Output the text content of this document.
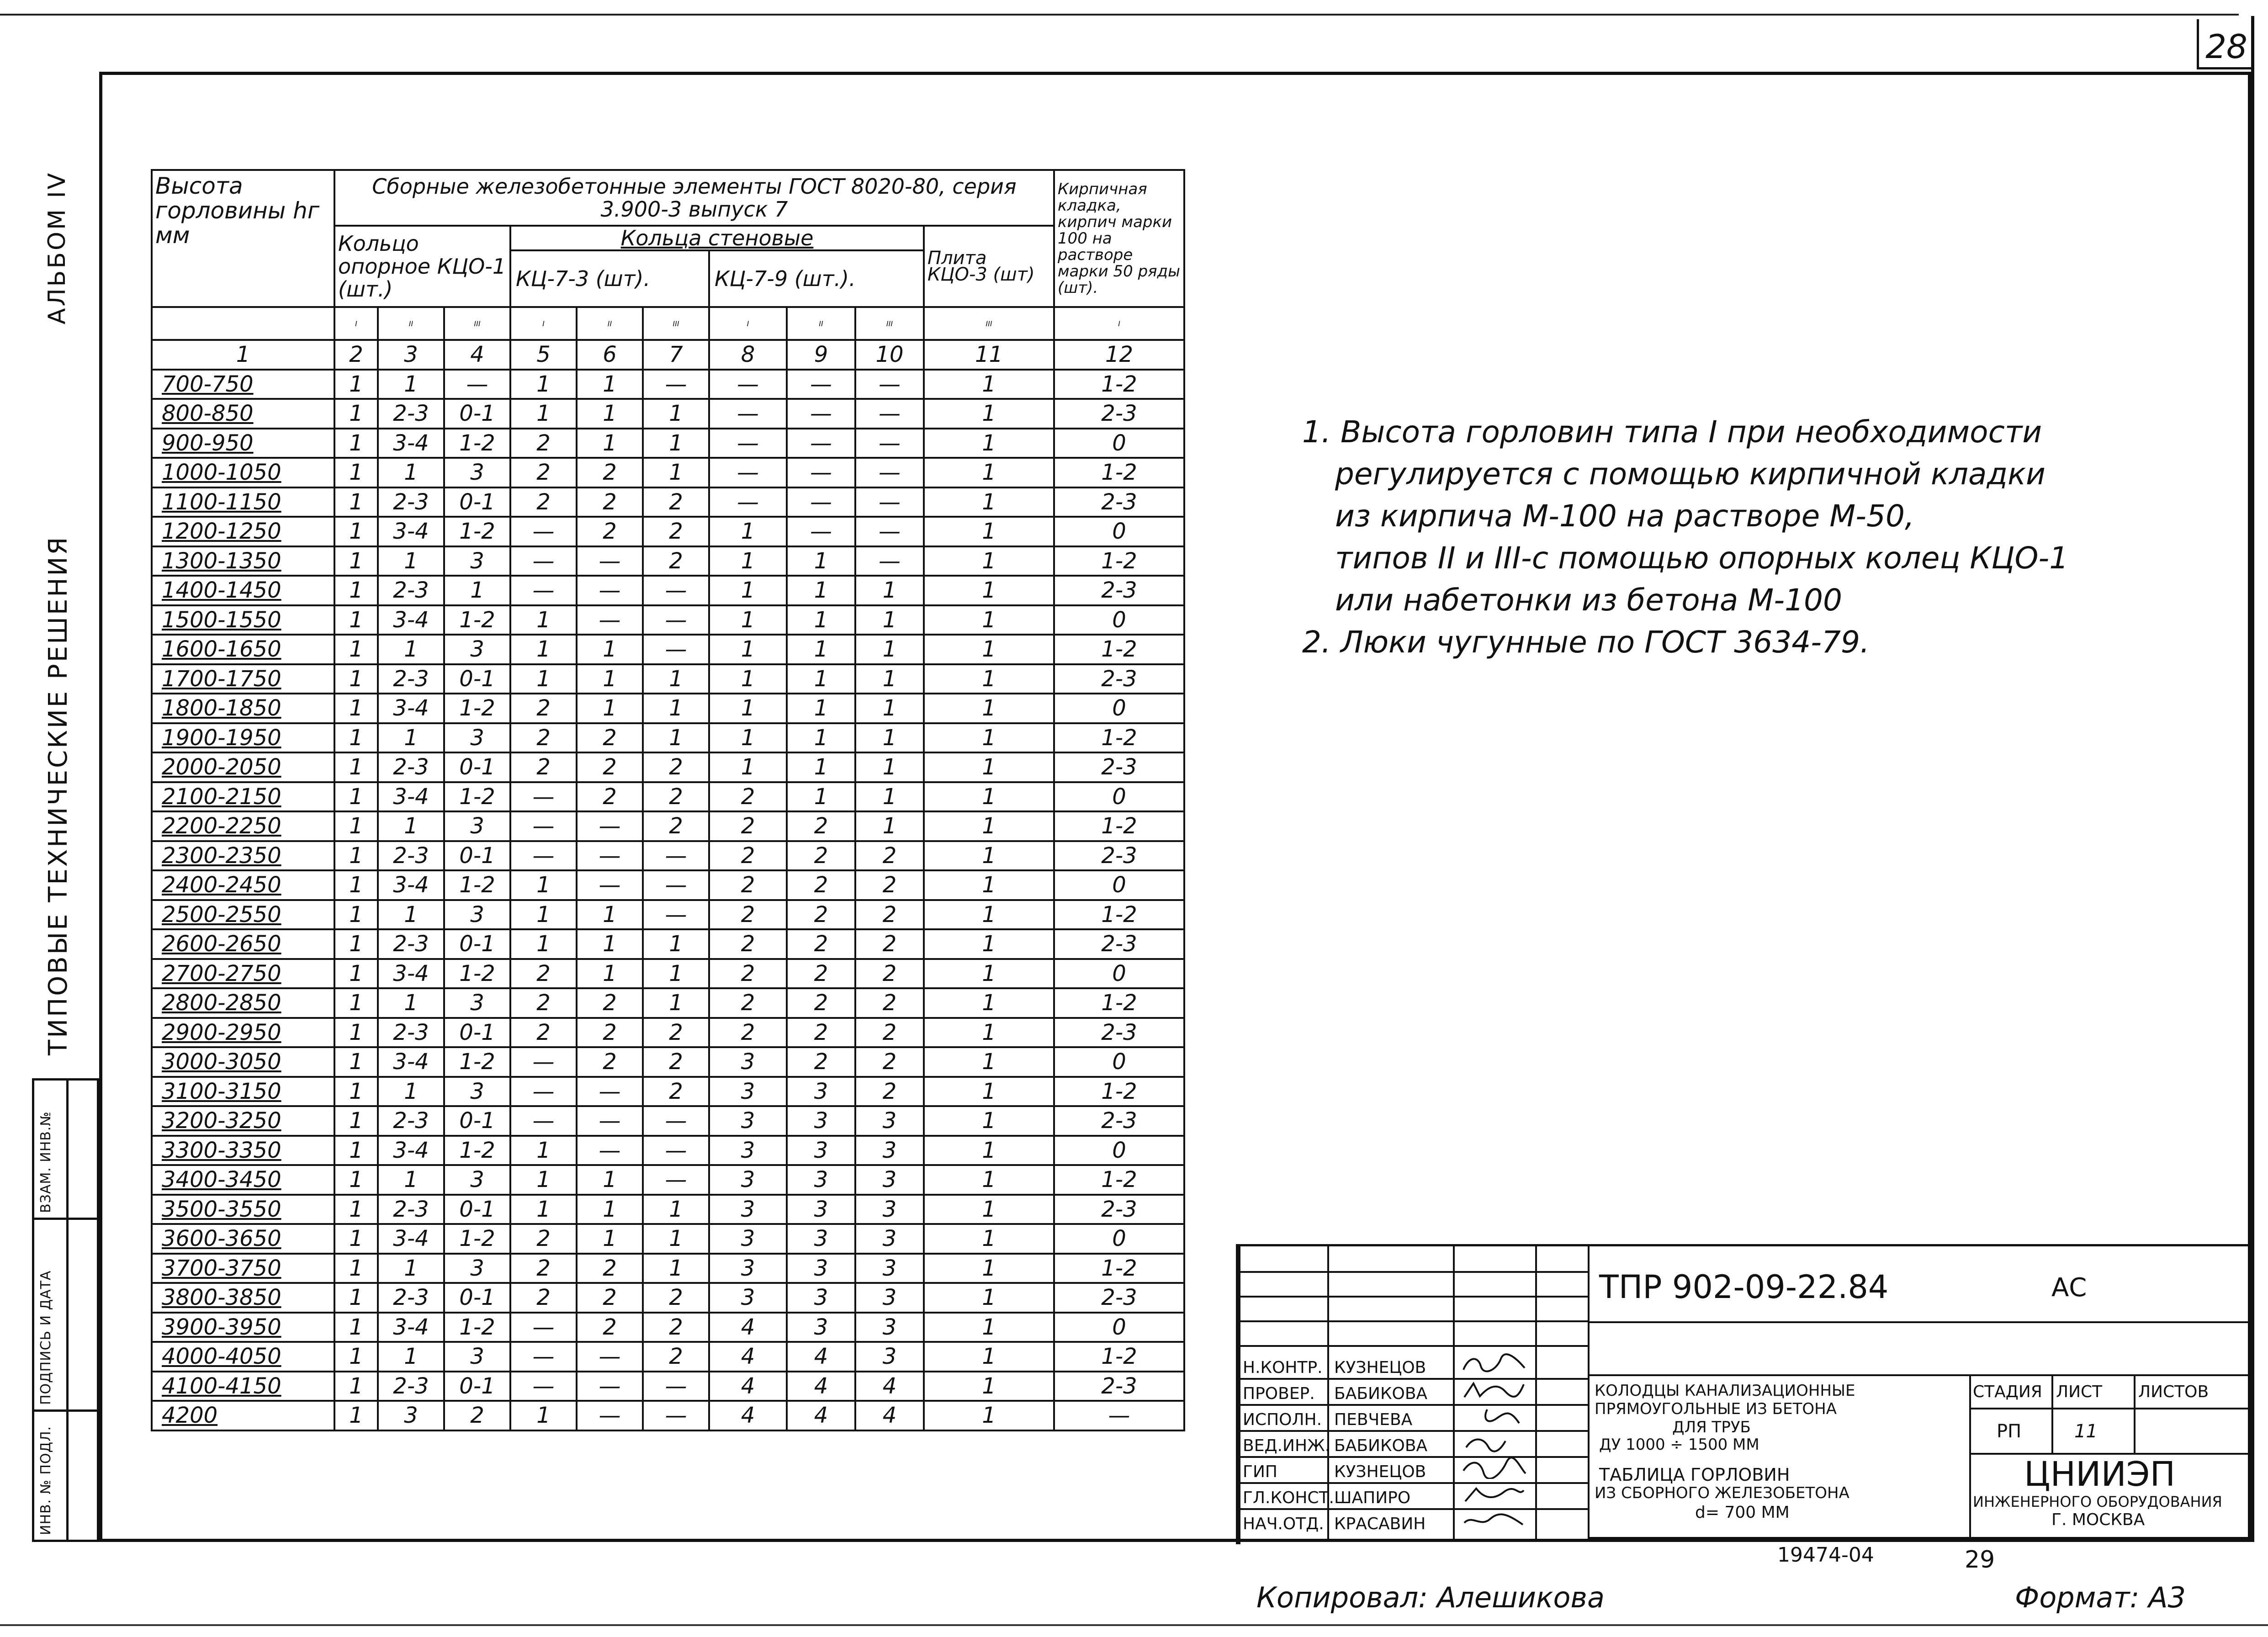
28
АЛЬБОМ IV
ТИПОВЫЕ ТЕХНИЧЕСКИЕ РЕШЕНИЯ
ИНВ. № ПОДЛ.
ПОДПИСЬ И ДАТА
ВЗАМ. ИНВ.№
Высота горловины hг мм	Сборные железобетонные элементы ГОСТ 8020-80, серия 3.900-3 выпуск 7										Кирпичная кладка, кирпич марки 100 на растворе марки 50 ряды (шт).
	Кольцо опорное КЦО-1 (шт.)			Кольца стеновые						Плита КЦО-3 (шт)	
				КЦ-7-3 (шт).			КЦ-7-9 (шт.).				
	I	II	III	I	II	III	I	II	III	III	I
1	2	3	4	5	6	7	8	9	10	11	12
700-750	1	1	—	1	1	—	—	—	—	1	1-2
800-850	1	2-3	0-1	1	1	1	—	—	—	1	2-3
900-950	1	3-4	1-2	2	1	1	—	—	—	1	0
1000-1050	1	1	3	2	2	1	—	—	—	1	1-2
1100-1150	1	2-3	0-1	2	2	2	—	—	—	1	2-3
1200-1250	1	3-4	1-2	—	2	2	1	—	—	1	0
1300-1350	1	1	3	—	—	2	1	1	—	1	1-2
1400-1450	1	2-3	1	—	—	—	1	1	1	1	2-3
1500-1550	1	3-4	1-2	1	—	—	1	1	1	1	0
1600-1650	1	1	3	1	1	—	1	1	1	1	1-2
1700-1750	1	2-3	0-1	1	1	1	1	1	1	1	2-3
1800-1850	1	3-4	1-2	2	1	1	1	1	1	1	0
1900-1950	1	1	3	2	2	1	1	1	1	1	1-2
2000-2050	1	2-3	0-1	2	2	2	1	1	1	1	2-3
2100-2150	1	3-4	1-2	—	2	2	2	1	1	1	0
2200-2250	1	1	3	—	—	2	2	2	1	1	1-2
2300-2350	1	2-3	0-1	—	—	—	2	2	2	1	2-3
2400-2450	1	3-4	1-2	1	—	—	2	2	2	1	0
2500-2550	1	1	3	1	1	—	2	2	2	1	1-2
2600-2650	1	2-3	0-1	1	1	1	2	2	2	1	2-3
2700-2750	1	3-4	1-2	2	1	1	2	2	2	1	0
2800-2850	1	1	3	2	2	1	2	2	2	1	1-2
2900-2950	1	2-3	0-1	2	2	2	2	2	2	1	2-3
3000-3050	1	3-4	1-2	—	2	2	3	2	2	1	0
3100-3150	1	1	3	—	—	2	3	3	2	1	1-2
3200-3250	1	2-3	0-1	—	—	—	3	3	3	1	2-3
3300-3350	1	3-4	1-2	1	—	—	3	3	3	1	0
3400-3450	1	1	3	1	1	—	3	3	3	1	1-2
3500-3550	1	2-3	0-1	1	1	1	3	3	3	1	2-3
3600-3650	1	3-4	1-2	2	1	1	3	3	3	1	0
3700-3750	1	1	3	2	2	1	3	3	3	1	1-2
3800-3850	1	2-3	0-1	2	2	2	3	3	3	1	2-3
3900-3950	1	3-4	1-2	—	2	2	4	3	3	1	0
4000-4050	1	1	3	—	—	2	4	4	3	1	1-2
4100-4150	1	2-3	0-1	—	—	—	4	4	4	1	2-3
4200	1	3	2	1	—	—	4	4	4	1	—

1. Высота горловин типа I при необходимости

регулируется с помощью кирпичной кладки

из кирпича М-100 на растворе М-50,

типов II и III-с помощью опорных колец КЦО-1

или набетонки из бетона М-100

2. Люки чугунные по ГОСТ 3634-79.

ТПР 902-09-22.84	АС
Н.КОНТР.
ПРОВЕР.
ИСПОЛН.
ВЕД.ИНЖ.
ГИП
ГЛ.КОНСТ.
НАЧ.ОТД.
КУЗНЕЦОВ
БАБИКОВА
ПЕВЧЕВА
БАБИКОВА
КУЗНЕЦОВ
ШАПИРО
КРАСАВИН
КОЛОДЦЫ КАНАЛИЗАЦИОННЫЕ
ПРЯМОУГОЛЬНЫЕ ИЗ БЕТОНА
ДЛЯ ТРУБ
ДУ 1000 ÷ 1500 ММ
ТАБЛИЦА ГОРЛОВИН
ИЗ СБОРНОГО ЖЕЛЕЗОБЕТОНА
d= 700 ММ
СТАДИЯ ЛИСТ ЛИСТОВ
РП	11
ЦНИИЭП
ИНЖЕНЕРНОГО ОБОРУДОВАНИЯ
Г. МОСКВА
19474-04	29
Копировал: Алешикова	Формат: А3
